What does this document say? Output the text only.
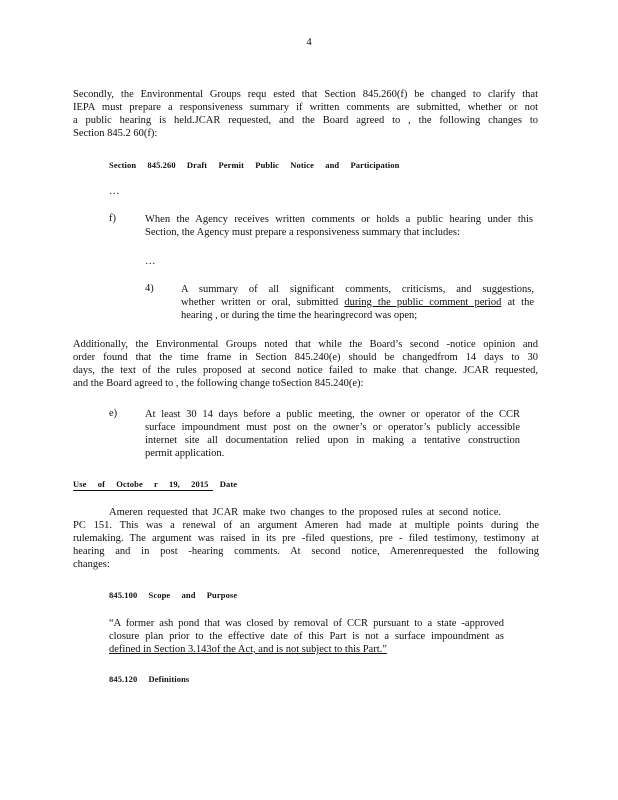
4
Secondly, the Environmental Groups requ ested that Section 845.260(f) be changed to clarify that
IEPA must prepare a responsiveness summary if written comments are submitted, whether or not
a public hearing is held.JCAR requested, and the Board agreed to , the following changes to
Section 845.2 60(f):
Section 845.260 Draft Permit Public Notice and Participation
…
f)	When the Agency receives written comments or holds a public hearing under this
Section, the Agency must prepare a responsiveness summary that includes:
…
4)	A summary of all significant comments, criticisms, and suggestions,
whether written or oral, submitted during the public comment period at the
hearing , or during the time the hearingrecord was open;
Additionally, the Environmental Groups noted that while the Board’s second -notice opinion and
order found that the time frame in Section 845.240(e) should be changedfrom 14 days to 30
days, the text of the rules proposed at second notice failed to make that change. JCAR requested,
and the Board agreed to , the following change toSection 845.240(e):
e)	At least 30 14 days before a public meeting, the owner or operator of the CCR
surface impoundment must post on the owner’s or operator’s publicly accessible
internet site all documentation relied upon in making a tentative construction
permit application.
Use of Octobe r 19, 2015 Date
Ameren requested that JCAR make two changes to the proposed rules at second notice.
PC 151. This was a renewal of an argument Ameren had made at multiple points during the
rulemaking. The argument was raised in its pre -filed questions, pre - filed testimony, testimony at
hearing and in post -hearing comments. At second notice, Amerenrequested the following
changes:
845.100 Scope and Purpose
“A former ash pond that was closed by removal of CCR pursuant to a state -approved
closure plan prior to the effective date of this Part is not a surface impoundment as
defined in Section 3.143of the Act, and is not subject to this Part.”
845.120 Definitions
